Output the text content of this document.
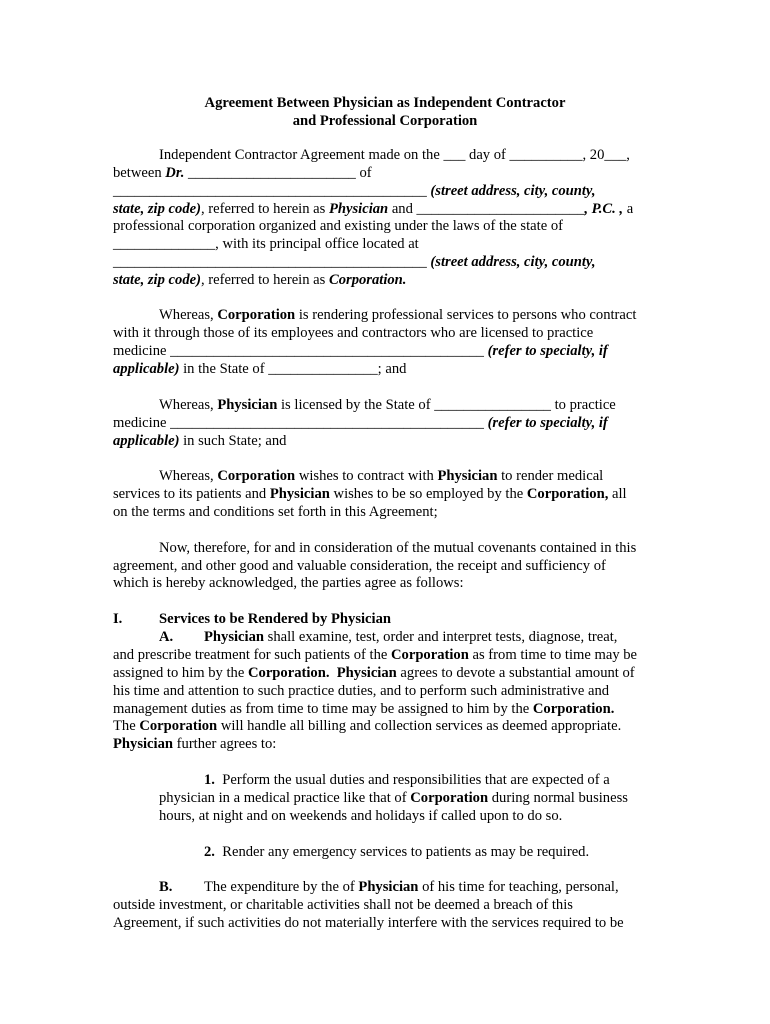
Agreement Between Physician as Independent Contractor
and Professional Corporation
Independent Contractor Agreement made on the ___ day of __________, 20___,
between Dr. _______________________ of
___________________________________________ (street address, city, county,
state, zip code), referred to herein as Physician and _______________________, P.C. , a
professional corporation organized and existing under the laws of the state of
______________, with its principal office located at
___________________________________________ (street address, city, county,
state, zip code), referred to herein as Corporation.
Whereas, Corporation is rendering professional services to persons who contract
with it through those of its employees and contractors who are licensed to practice
medicine ___________________________________________ (refer to specialty, if
applicable) in the State of _______________; and
Whereas, Physician is licensed by the State of ________________ to practice
medicine ___________________________________________ (refer to specialty, if
applicable) in such State; and
Whereas, Corporation wishes to contract with Physician to render medical
services to its patients and Physician wishes to be so employed by the Corporation, all
on the terms and conditions set forth in this Agreement;
Now, therefore, for and in consideration of the mutual covenants contained in this
agreement, and other good and valuable consideration, the receipt and sufficiency of
which is hereby acknowledged, the parties agree as follows:
I.	Services to be Rendered by Physician
A. Physician shall examine, test, order and interpret tests, diagnose, treat,
and prescribe treatment for such patients of the Corporation as from time to time may be
assigned to him by the Corporation. Physician agrees to devote a substantial amount of
his time and attention to such practice duties, and to perform such administrative and
management duties as from time to time may be assigned to him by the Corporation.
The Corporation will handle all billing and collection services as deemed appropriate.
Physician further agrees to:
1.  Perform the usual duties and responsibilities that are expected of a
physician in a medical practice like that of Corporation during normal business
hours, at night and on weekends and holidays if called upon to do so.
2.  Render any emergency services to patients as may be required.
B. The expenditure by the of Physician of his time for teaching, personal,
outside investment, or charitable activities shall not be deemed a breach of this
Agreement, if such activities do not materially interfere with the services required to be
